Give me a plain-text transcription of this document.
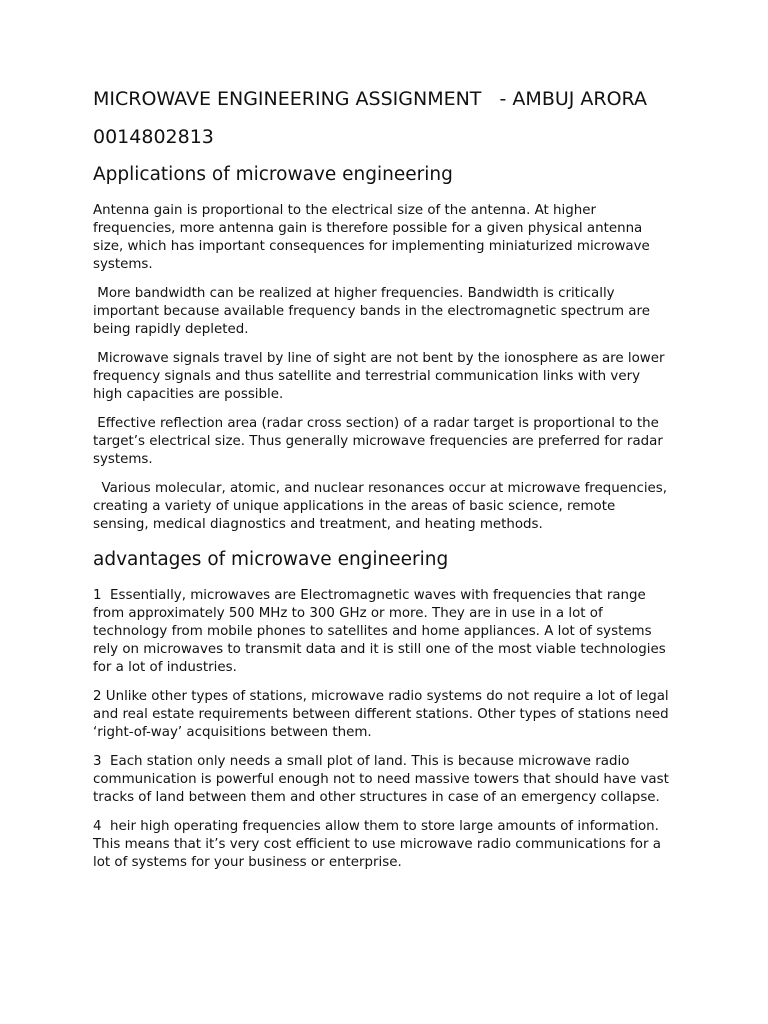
MICROWAVE ENGINEERING ASSIGNMENT   - AMBUJ ARORA
0014802813
Applications of microwave engineering

Antenna gain is proportional to the electrical size of the antenna. At higher frequencies, more antenna gain is therefore possible for a given physical antenna size, which has important consequences for implementing miniaturized microwave systems.

More bandwidth can be realized at higher frequencies. Bandwidth is critically important because available frequency bands in the electromagnetic spectrum are being rapidly depleted.

Microwave signals travel by line of sight are not bent by the ionosphere as are lower frequency signals and thus satellite and terrestrial communication links with very high capacities are possible.

Effective reflection area (radar cross section) of a radar target is proportional to the target’s electrical size. Thus generally microwave frequencies are preferred for radar systems.

Various molecular, atomic, and nuclear resonances occur at microwave frequencies, creating a variety of unique applications in the areas of basic science, remote sensing, medical diagnostics and treatment, and heating methods.

advantages of microwave engineering

1  Essentially, microwaves are Electromagnetic waves with frequencies that range from approximately 500 MHz to 300 GHz or more. They are in use in a lot of technology from mobile phones to satellites and home appliances. A lot of systems rely on microwaves to transmit data and it is still one of the most viable technologies for a lot of industries.

2 Unlike other types of stations, microwave radio systems do not require a lot of legal and real estate requirements between different stations. Other types of stations need ‘right-of-way’ acquisitions between them.

3  Each station only needs a small plot of land. This is because microwave radio communication is powerful enough not to need massive towers that should have vast tracks of land between them and other structures in case of an emergency collapse.

4  heir high operating frequencies allow them to store large amounts of information. This means that it’s very cost efficient to use microwave radio communications for a lot of systems for your business or enterprise.
